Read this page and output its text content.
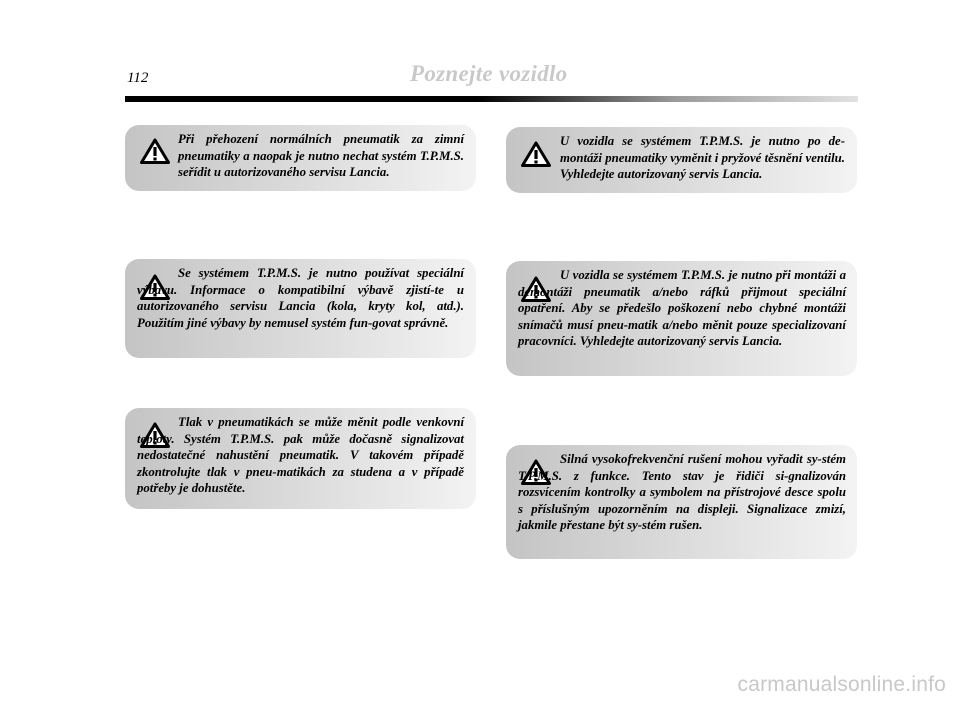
112	Poznejte vozidlo

Při přehození normálních pneumatik za zimní pneumatiky a naopak je nutno nechat systém T.P.M.S. seřídit u autorizovaného servisu Lancia.

Se systémem T.P.M.S. je nutno používat speciální výbavu. Informace o kompatibilní výbavě zjistí-te u autorizovaného servisu Lancia (kola, kryty kol, atd.). Použitím jiné výbavy by nemusel systém fun-govat správně.

Tlak v pneumatikách se může měnit podle venkovní teploty. Systém T.P.M.S. pak může dočasně signalizovat nedostatečné nahustění pneumatik. V takovém případě zkontrolujte tlak v pneu-matikách za studena a v případě potřeby je dohustěte.

U vozidla se systémem T.P.M.S. je nutno po de-montáži pneumatiky vyměnit i pryžové těsnění ventilu. Vyhledejte autorizovaný servis Lancia.

U vozidla se systémem T.P.M.S. je nutno při montáži a demontáži pneumatik a/nebo ráfků přijmout speciální opatření. Aby se předešlo poškození nebo chybné montáži snímačů musí pneu-matik a/nebo měnit pouze specializovaní pracovníci. Vyhledejte autorizovaný servis Lancia.

Silná vysokofrekvenční rušení mohou vyřadit sy-stém T.P.M.S. z funkce. Tento stav je řidiči si-gnalizován rozsvícením kontrolky a symbolem na přístrojové desce spolu s příslušným upozorněním na displeji. Signalizace zmizí, jakmile přestane být sy-stém rušen.

carmanualsonline.info
